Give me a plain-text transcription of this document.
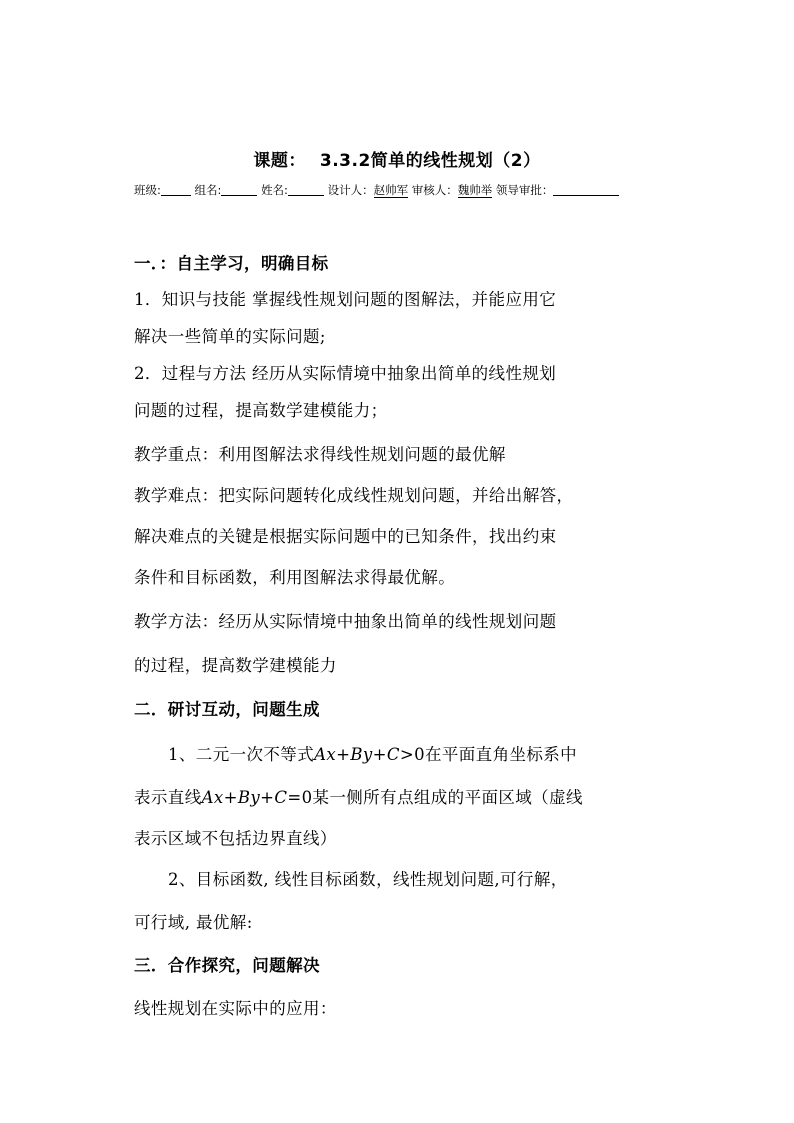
课题： 3.3.2简单的线性规划（2）
班级:	组名:	姓名:	设计人：赵帅军 审核人：魏帅举 领导审批：
一．：自主学习，明确目标
1．知识与技能 掌握线性规划问题的图解法，并能应用它
解决一些简单的实际问题;
2．过程与方法 经历从实际情境中抽象出简单的线性规划
问题的过程，提高数学建模能力；
教学重点：利用图解法求得线性规划问题的最优解
教学难点：把实际问题转化成线性规划问题，并给出解答，
解决难点的关键是根据实际问题中的已知条件，找出约束
条件和目标函数，利用图解法求得最优解。
教学方法：经历从实际情境中抽象出简单的线性规划问题
的过程，提高数学建模能力
二．研讨互动，问题生成
1、二元一次不等式Ax+By+C>0在平面直角坐标系中
表示直线Ax+By+C=0某一侧所有点组成的平面区域（虚线
表示区域不包括边界直线）
2、目标函数, 线性目标函数，线性规划问题,可行解，
可行域, 最优解:
三．合作探究，问题解决
线性规划在实际中的应用：
